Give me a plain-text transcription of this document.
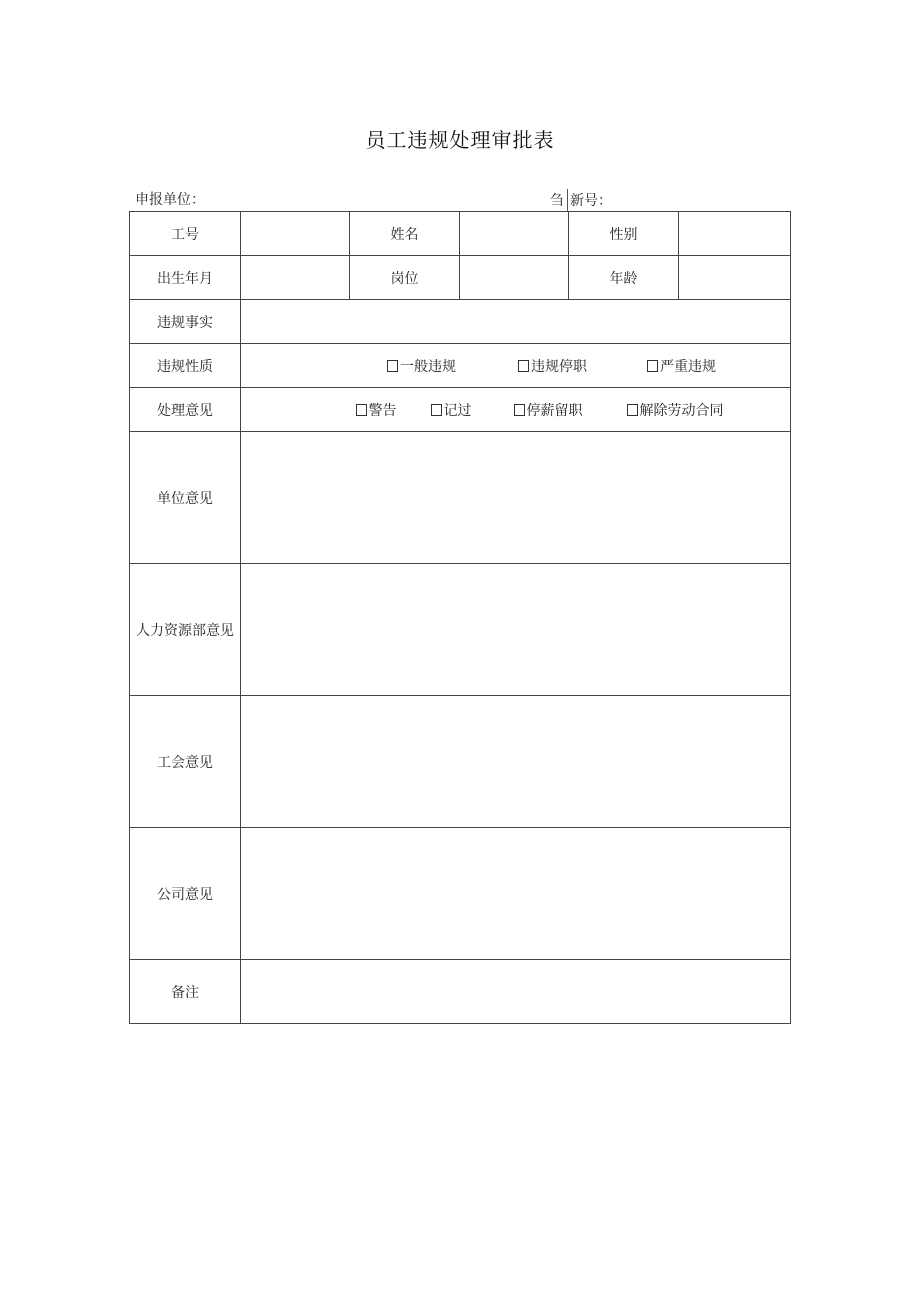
员工违规处理审批表
申报单位：	刍 新号：
工号		姓名		性别	
出生年月		岗位		年龄	
违规事实					
违规性质	一般违规 违规停职 严重违规				
处理意见	警告 记过 停薪留职 解除劳动合同				
单位意见					
人力资源部意见					
工会意见					
公司意见					
备注					
